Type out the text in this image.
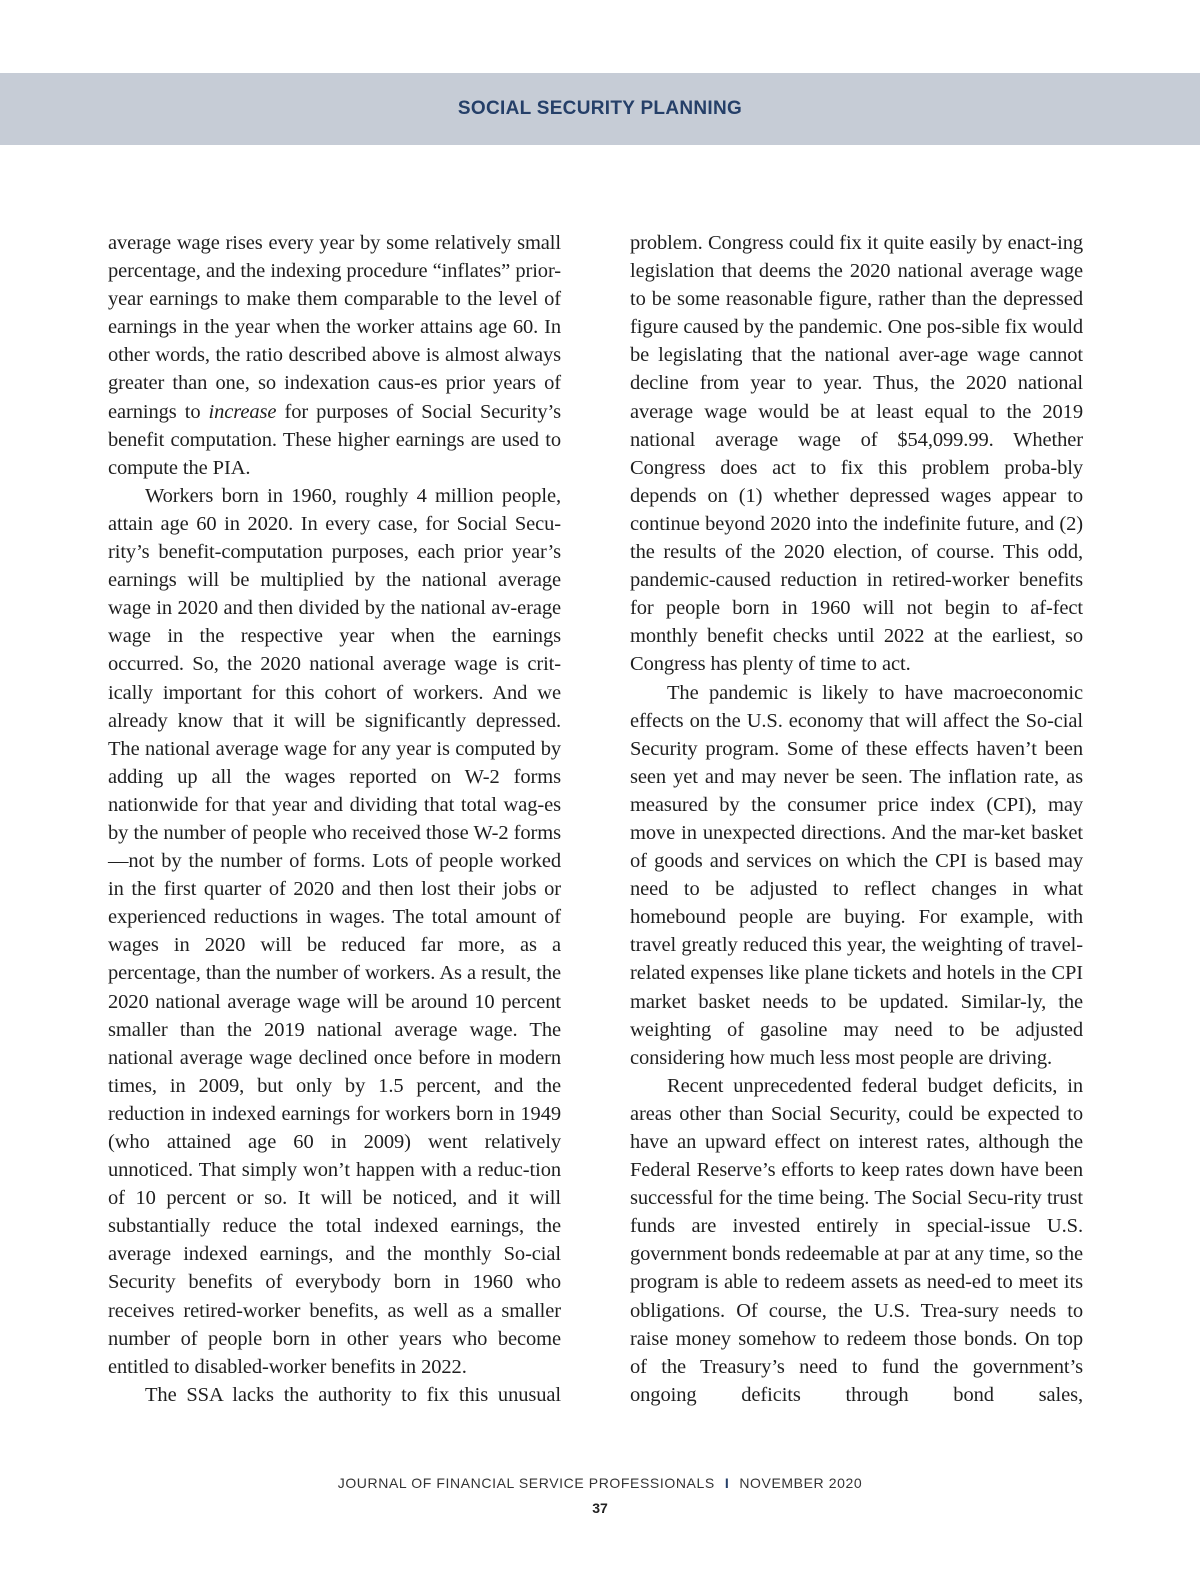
SOCIAL SECURITY PLANNING

average wage rises every year by some relatively small percentage, and the indexing procedure “inflates” prior-year earnings to make them comparable to the level of earnings in the year when the worker attains age 60. In other words, the ratio described above is almost always greater than one, so indexation caus-es prior years of earnings to increase for purposes of Social Security’s benefit computation. These higher earnings are used to compute the PIA.

Workers born in 1960, roughly 4 million people, attain age 60 in 2020. In every case, for Social Secu-rity’s benefit-computation purposes, each prior year’s earnings will be multiplied by the national average wage in 2020 and then divided by the national av-erage wage in the respective year when the earnings occurred. So, the 2020 national average wage is crit-ically important for this cohort of workers. And we already know that it will be significantly depressed. The national average wage for any year is computed by adding up all the wages reported on W-2 forms nationwide for that year and dividing that total wag-es by the number of people who received those W-2 forms—not by the number of forms. Lots of people worked in the first quarter of 2020 and then lost their jobs or experienced reductions in wages. The total amount of wages in 2020 will be reduced far more, as a percentage, than the number of workers. As a result, the 2020 national average wage will be around 10 percent smaller than the 2019 national average wage. The national average wage declined once before in modern times, in 2009, but only by 1.5 percent, and the reduction in indexed earnings for workers born in 1949 (who attained age 60 in 2009) went relatively unnoticed. That simply won’t happen with a reduc-tion of 10 percent or so. It will be noticed, and it will substantially reduce the total indexed earnings, the average indexed earnings, and the monthly So-cial Security benefits of everybody born in 1960 who receives retired-worker benefits, as well as a smaller number of people born in other years who become entitled to disabled-worker benefits in 2022.

The SSA lacks the authority to fix this unusual

problem. Congress could fix it quite easily by enact-ing legislation that deems the 2020 national average wage to be some reasonable figure, rather than the depressed figure caused by the pandemic. One pos-sible fix would be legislating that the national aver-age wage cannot decline from year to year. Thus, the 2020 national average wage would be at least equal to the 2019 national average wage of $54,099.99. Whether Congress does act to fix this problem proba-bly depends on (1) whether depressed wages appear to continue beyond 2020 into the indefinite future, and (2) the results of the 2020 election, of course. This odd, pandemic-caused reduction in retired-worker benefits for people born in 1960 will not begin to af-fect monthly benefit checks until 2022 at the earliest, so Congress has plenty of time to act.

The pandemic is likely to have macroeconomic effects on the U.S. economy that will affect the So-cial Security program. Some of these effects haven’t been seen yet and may never be seen. The inflation rate, as measured by the consumer price index (CPI), may move in unexpected directions. And the mar-ket basket of goods and services on which the CPI is based may need to be adjusted to reflect changes in what homebound people are buying. For example, with travel greatly reduced this year, the weighting of travel-related expenses like plane tickets and hotels in the CPI market basket needs to be updated. Similar-ly, the weighting of gasoline may need to be adjusted considering how much less most people are driving.

Recent unprecedented federal budget deficits, in areas other than Social Security, could be expected to have an upward effect on interest rates, although the Federal Reserve’s efforts to keep rates down have been successful for the time being. The Social Secu-rity trust funds are invested entirely in special-issue U.S. government bonds redeemable at par at any time, so the program is able to redeem assets as need-ed to meet its obligations. Of course, the U.S. Trea-sury needs to raise money somehow to redeem those bonds. On top of the Treasury’s need to fund the government’s ongoing deficits through bond sales,

JOURNAL OF FINANCIAL SERVICE PROFESSIONALS I NOVEMBER 2020
37
